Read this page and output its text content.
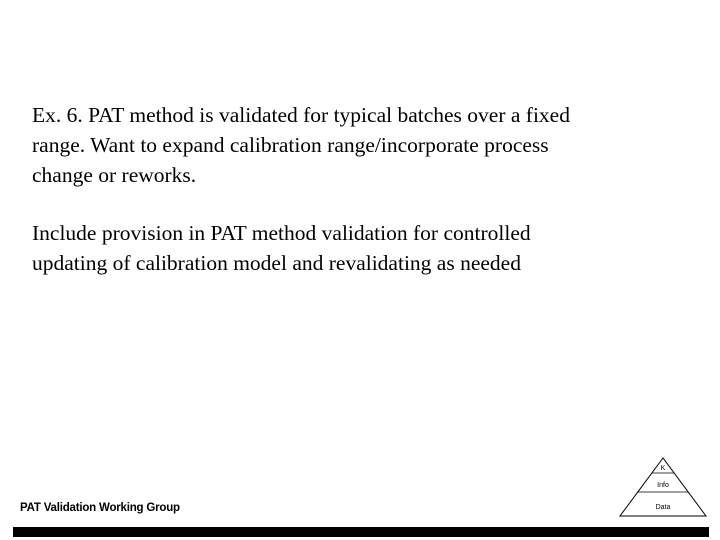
Ex. 6. PAT method is validated for typical batches over a fixed
range. Want to expand calibration range/incorporate process
change or reworks.

Include provision in PAT method validation for controlled
updating of calibration model and revalidating as needed

PAT Validation Working Group
K
Info
Data
